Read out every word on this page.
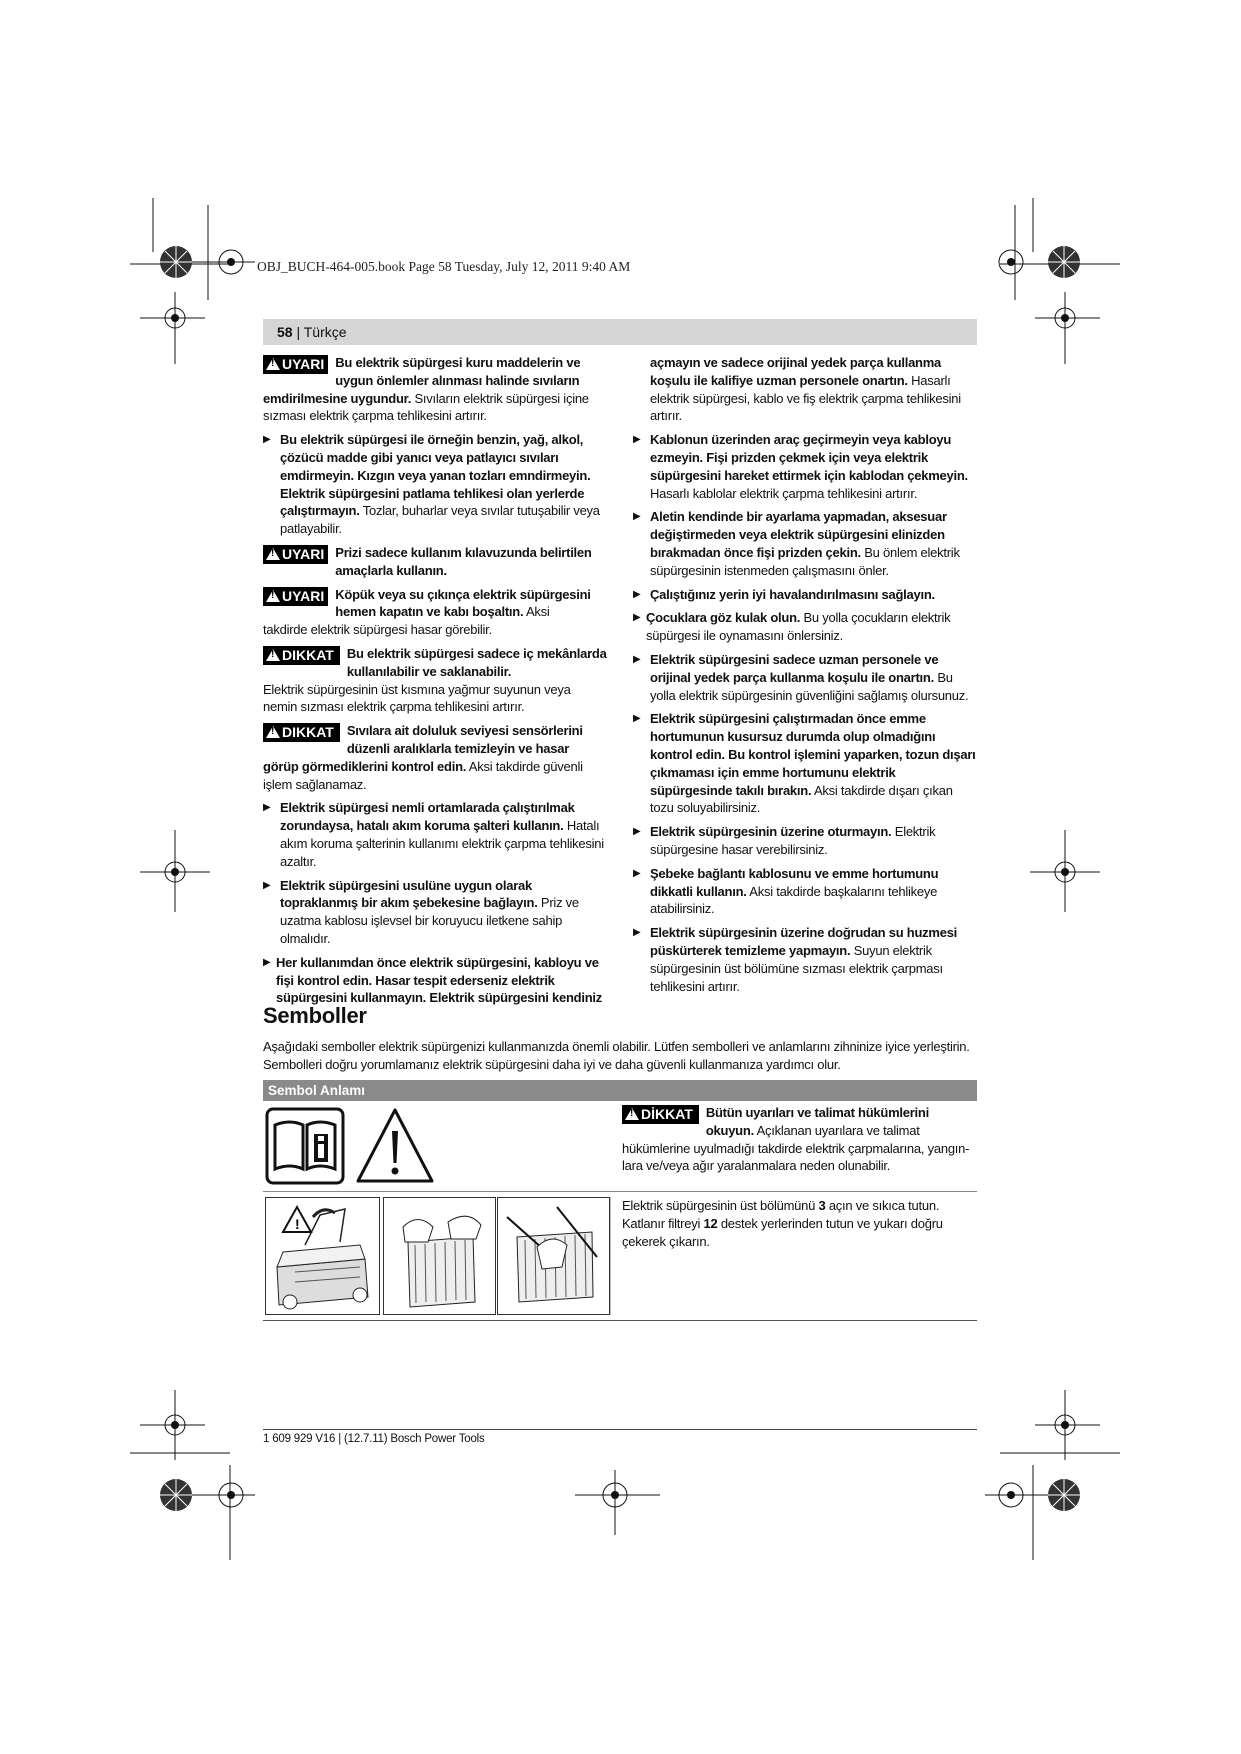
OBJ_BUCH-464-005.book Page 58 Tuesday, July 12, 2011 9:40 AM
58 | Türkçe
!UYARI Bu elektrik süpürgesi kuru maddelerin ve
uygun önlemler alınması halinde sıvıların

emdirilmesine uygundur. Sıvıların elektrik süpürgesi içine
sızması elektrik çarpma tehlikesini artırır.

▶ Bu elektrik süpürgesi ile örneğin benzin, yağ, alkol, çözücü madde gibi yanıcı veya patlayıcı sıvıları emdirmeyin. Kızgın veya yanan tozları emndirmeyin. Elektrik süpürgesini patlama tehlikesi olan yerlerde çalıştırmayın. Tozlar, buharlar veya sıvılar tutuşabilir veya patlayabilir.
!UYARI Prizi sadece kullanım kılavuzunda belirtilen amaçlarla kullanın.
!UYARI Köpük veya su çıkınça elektrik süpürgesini hemen kapatın ve kabı boşaltın. Aksi

takdirde elektrik süpürgesi hasar görebilir.

!DIKKAT	Bu elektrik süpürgesi sadece iç mekânlarda kullanılabilir ve saklanabilir.

Elektrik süpürgesinin üst kısmına yağmur suyunun veya nemin sızması elektrik çarpma tehlikesini artırır.

!DIKKAT	Sıvılara ait doluluk seviyesi sensörlerini
düzenli aralıklarla temizleyin ve hasar

görüp görmediklerini kontrol edin. Aksi takdirde güvenli
işlem sağlanamaz.

▶ Elektrik süpürgesi nemli ortamlarada çalıştırılmak zorundaysa, hatalı akım koruma şalteri kullanın. Hatalı akım koruma şalterinin kullanımı elektrik çarpma tehlikesini azaltır.
▶ Elektrik süpürgesini usulüne uygun olarak topraklanmış bir akım şebekesine bağlayın. Priz ve uzatma kablosu işlevsel bir koruyucu iletkene sahip olmalıdır.
▶ Her kullanımdan önce elektrik süpürgesini, kabloyu ve fişi kontrol edin. Hasar tespit ederseniz elektrik süpürgesini kullanmayın. Elektrik süpürgesini kendiniz

açmayın ve sadece orijinal yedek parça kullanma koşulu ile kalifiye uzman personele onartın. Hasarlı elektrik süpürgesi, kablo ve fiş elektrik çarpma tehlikesini artırır.

▶ Kablonun üzerinden araç geçirmeyin veya kabloyu ezmeyin. Fişi prizden çekmek için veya elektrik süpürgesini hareket ettirmek için kablodan çekmeyin. Hasarlı kablolar elektrik çarpma tehlikesini artırır.
▶ Aletin kendinde bir ayarlama yapmadan, aksesuar değiştirmeden veya elektrik süpürgesini elinizden bırakmadan önce fişi prizden çekin. Bu önlem elektrik süpürgesinin istenmeden çalışmasını önler.
▶ Çalıştığınız yerin iyi havalandırılmasını sağlayın.
▶ Çocuklara göz kulak olun. Bu yolla çocukların elektrik süpürgesi ile oynamasını önlersiniz.
▶ Elektrik süpürgesini sadece uzman personele ve orijinal yedek parça kullanma koşulu ile onartın. Bu yolla elektrik süpürgesinin güvenliğini sağlamış olursunuz.
▶ Elektrik süpürgesini çalıştırmadan önce emme hortumunun kusursuz durumda olup olmadığını kontrol edin. Bu kontrol işlemini yaparken, tozun dışarı çıkmaması için emme hortumunu elektrik süpürgesinde takılı bırakın. Aksi takdirde dışarı çıkan tozu soluyabilirsiniz.
▶ Elektrik süpürgesinin üzerine oturmayın. Elektrik süpürgesine hasar verebilirsiniz.
▶ Şebeke bağlantı kablosunu ve emme hortumunu dikkatli kullanın. Aksi takdirde başkalarını tehlikeye atabilirsiniz.
▶ Elektrik süpürgesinin üzerine doğrudan su huzmesi püskürterek temizleme yapmayın. Suyun elektrik süpürgesinin üst bölümüne sızması elektrik çarpması tehlikesini artırır.
Semboller
Aşağıdaki semboller elektrik süpürgenizi kullanmanızda önemli olabilir. Lütfen sembolleri ve anlamlarını zihninize iyice yerleştirin. Sembolleri doğru yorumlamanız elektrik süpürgesini daha iyi ve daha güvenli kullanmanıza yardımcı olur.
Sembol Anlamı
!DİKKAT	Bütün uyarıları ve talimat hükümlerini
okuyun. Açıklanan uyarılara ve talimat

hükümlerine uyulmadığı takdirde elektrik çarpmalarına, yangın-

lara ve/veya ağır yaralanmalara neden olunabilir.

!

Elektrik süpürgesinin üst bölümünü 3 açın ve sıkıca tutun.

Katlanır filtreyi 12 destek yerlerinden tutun ve yukarı doğru

çekerek çıkarın.

1 609 929 V16 | (12.7.11) Bosch Power Tools
